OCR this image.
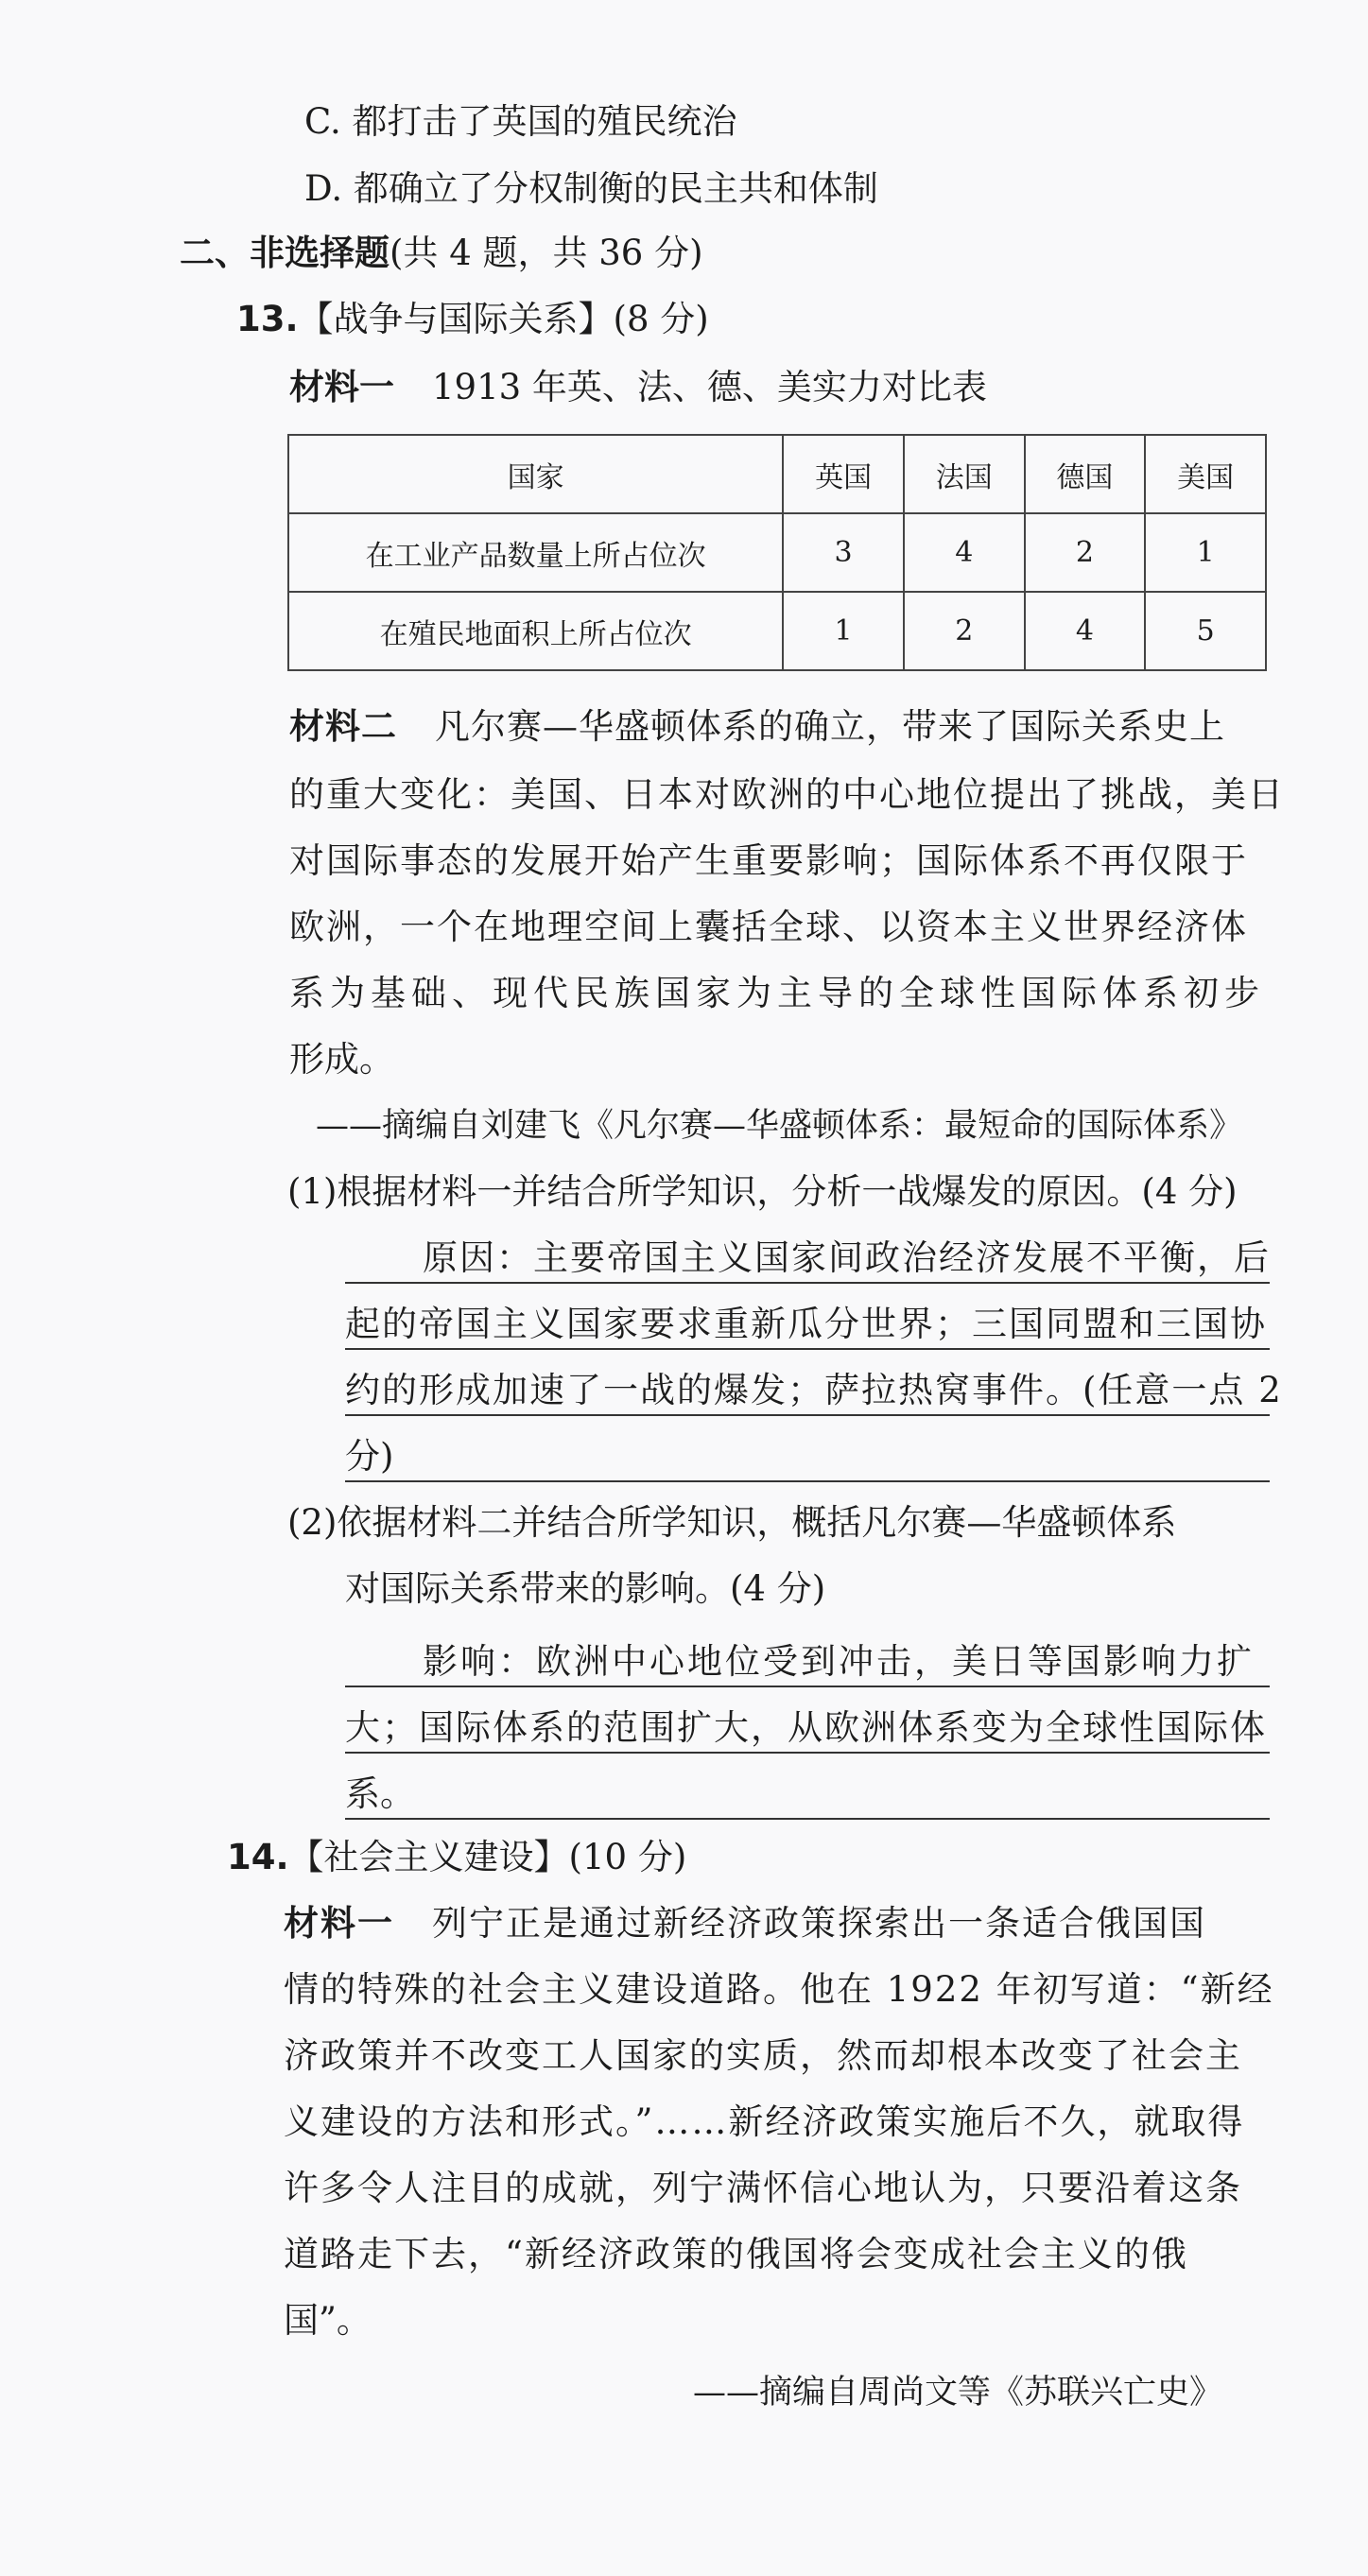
C. 都打击了英国的殖民统治
D. 都确立了分权制衡的民主共和体制
二、非选择题(共 4 题，共 36 分)
13.【战争与国际关系】(8 分)
材料一 1913 年英、法、德、美实力对比表
国家	英国	法国	德国	美国
在工业产品数量上所占位次	3	4	2	1
在殖民地面积上所占位次	1	2	4	5
材料二 凡尔赛—华盛顿体系的确立，带来了国际关系史上
的重大变化：美国、日本对欧洲的中心地位提出了挑战，美日
对国际事态的发展开始产生重要影响；国际体系不再仅限于
欧洲，一个在地理空间上囊括全球、以资本主义世界经济体
系为基础、现代民族国家为主导的全球性国际体系初步
形成。
——摘编自刘建飞《凡尔赛—华盛顿体系：最短命的国际体系》
(1)根据材料一并结合所学知识，分析一战爆发的原因。(4 分)
原因：主要帝国主义国家间政治经济发展不平衡，后
起的帝国主义国家要求重新瓜分世界；三国同盟和三国协
约的形成加速了一战的爆发；萨拉热窝事件。(任意一点 2
分)
(2)依据材料二并结合所学知识，概括凡尔赛—华盛顿体系
对国际关系带来的影响。(4 分)
影响：欧洲中心地位受到冲击，美日等国影响力扩
大；国际体系的范围扩大，从欧洲体系变为全球性国际体
系。
14.【社会主义建设】(10 分)
材料一 列宁正是通过新经济政策探索出一条适合俄国国
情的特殊的社会主义建设道路。他在 1922 年初写道：“新经
济政策并不改变工人国家的实质，然而却根本改变了社会主
义建设的方法和形式。”……新经济政策实施后不久，就取得
许多令人注目的成就，列宁满怀信心地认为，只要沿着这条
道路走下去，“新经济政策的俄国将会变成社会主义的俄
国”。
——摘编自周尚文等《苏联兴亡史》
